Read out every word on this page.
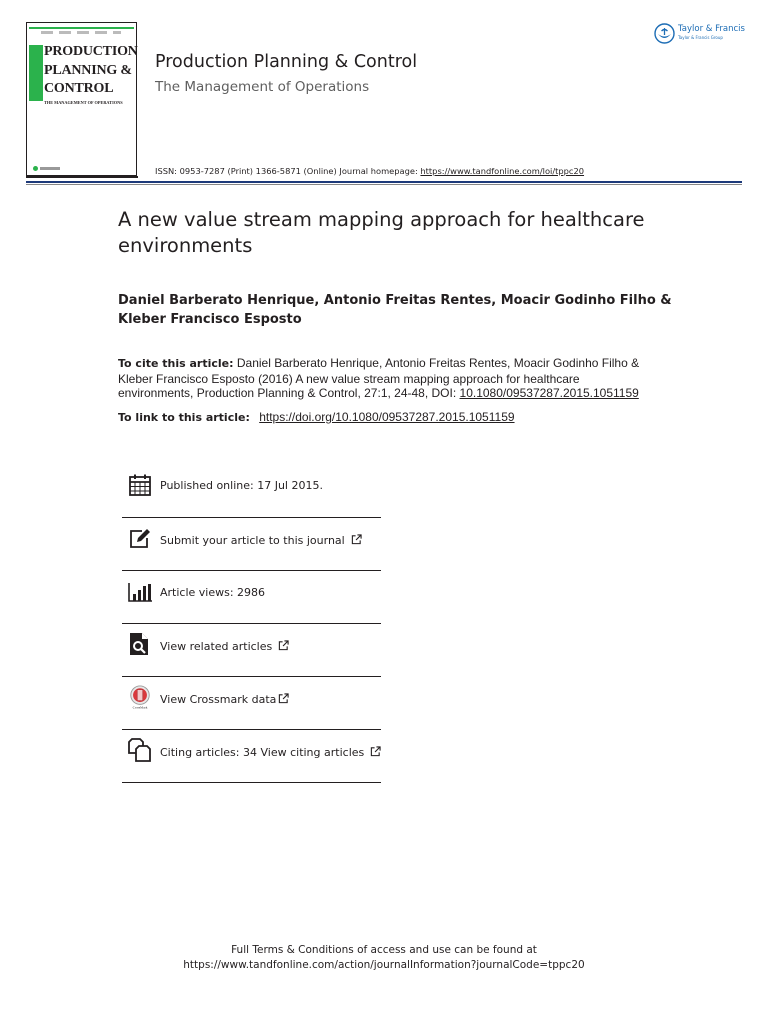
PRODUCTION
PLANNING &
CONTROL
THE MANAGEMENT OF OPERATIONS
Production Planning & Control
The Management of Operations
ISSN: 0953-7287 (Print) 1366-5871 (Online) Journal homepage: https://www.tandfonline.com/loi/tppc20
Taylor & Francis
Taylor & Francis Group
A new value stream mapping approach for healthcare environments
Daniel Barberato Henrique, Antonio Freitas Rentes, Moacir Godinho Filho & Kleber Francisco Esposto
To cite this article: Daniel Barberato Henrique, Antonio Freitas Rentes, Moacir Godinho Filho & Kleber Francisco Esposto (2016) A new value stream mapping approach for healthcare environments, Production Planning & Control, 27:1, 24-48, DOI: 10.1080/09537287.2015.1051159
To link to this article: https://doi.org/10.1080/09537287.2015.1051159
Published online: 17 Jul 2015.
Submit your article to this journal
Article views: 2986
View related articles
CrossMark
View Crossmark data
Citing articles: 34 View citing articles
Full Terms & Conditions of access and use can be found at
https://www.tandfonline.com/action/journalInformation?journalCode=tppc20
